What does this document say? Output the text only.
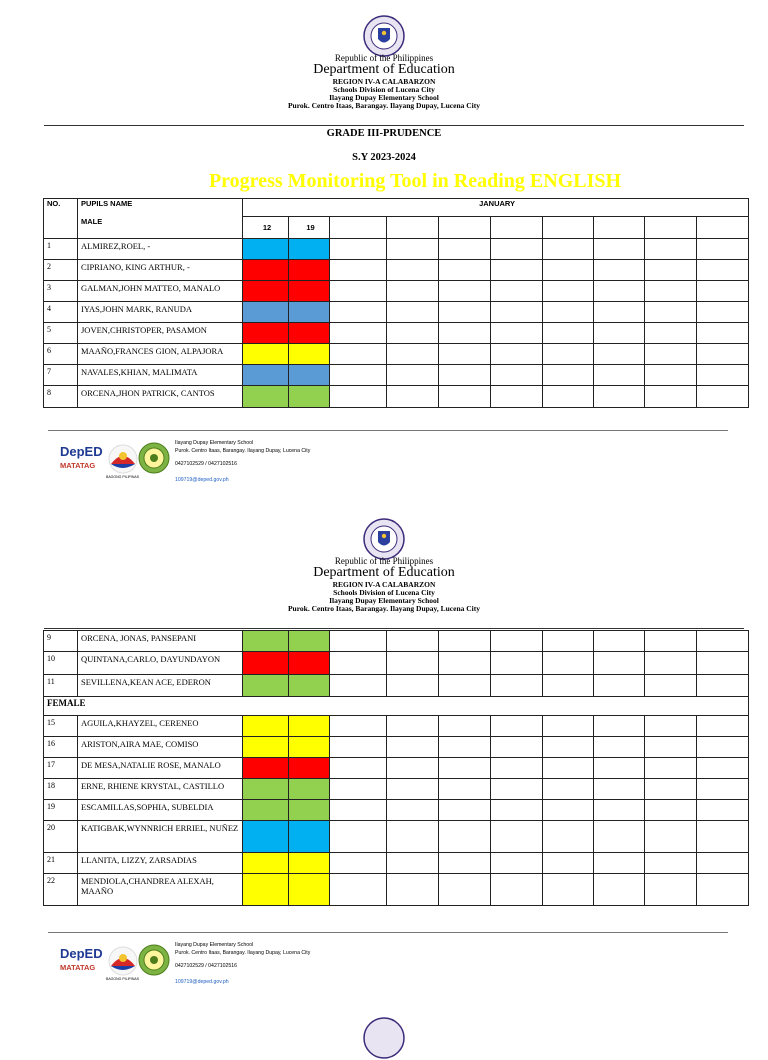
Republic of the Philippines
Department of Education
REGION IV-A CALABARZON
Schools Division of Lucena City
Ilayang Dupay Elementary School
Purok. Centro Itaas, Barangay. Ilayang Dupay, Lucena City
GRADE III-PRUDENCE
S.Y 2023-2024
Progress Monitoring Tool in Reading ENGLISH
NO.	PUPILS NAME	JANUARY									
	MALE	12	19								
1	ALMIREZ,ROEL, -										
2	CIPRIANO, KING ARTHUR, -										
3	GALMAN,JOHN MATTEO, MANALO										
4	IYAS,JOHN MARK, RANUDA										
5	JOVEN,CHRISTOPER, PASAMON										
6	MAAÑO,FRANCES GION, ALPAJORA										
7	NAVALES,KHIAN, MALIMATA										
8	ORCENA,JHON PATRICK, CANTOS										
DepED
MATATAG
BAGONG PILIPINAS
Ilayang Dupay Elementary School
Purok. Centro Itaas, Barangay. Ilayang Dupay, Lucena City
0427102529 / 0427102516
109719@deped.gov.ph
Republic of the Philippines
Department of Education
REGION IV-A CALABARZON
Schools Division of Lucena City
Ilayang Dupay Elementary School
Purok. Centro Itaas, Barangay. Ilayang Dupay, Lucena City
9	ORCENA, JONAS, PANSEPANI										
10	QUINTANA,CARLO, DAYUNDAYON										
11	SEVILLENA,KEAN ACE, EDERON										
FEMALE											
15	AGUILA,KHAYZEL, CERENEO										
16	ARISTON,AIRA MAE, COMISO										
17	DE MESA,NATALIE ROSE, MANALO										
18	ERNE, RHIENE KRYSTAL, CASTILLO										
19	ESCAMILLAS,SOPHIA, SUBELDIA										
20	KATIGBAK,WYNNRICH ERRIEL, NUÑEZ										
21	LLANITA, LIZZY, ZARSADIAS										
22	MENDIOLA,CHANDREA ALEXAH, MAAÑO										
DepED
MATATAG
BAGONG PILIPINAS
Ilayang Dupay Elementary School
Purok. Centro Itaas, Barangay. Ilayang Dupay, Lucena City
0427102529 / 0427102516
109719@deped.gov.ph
